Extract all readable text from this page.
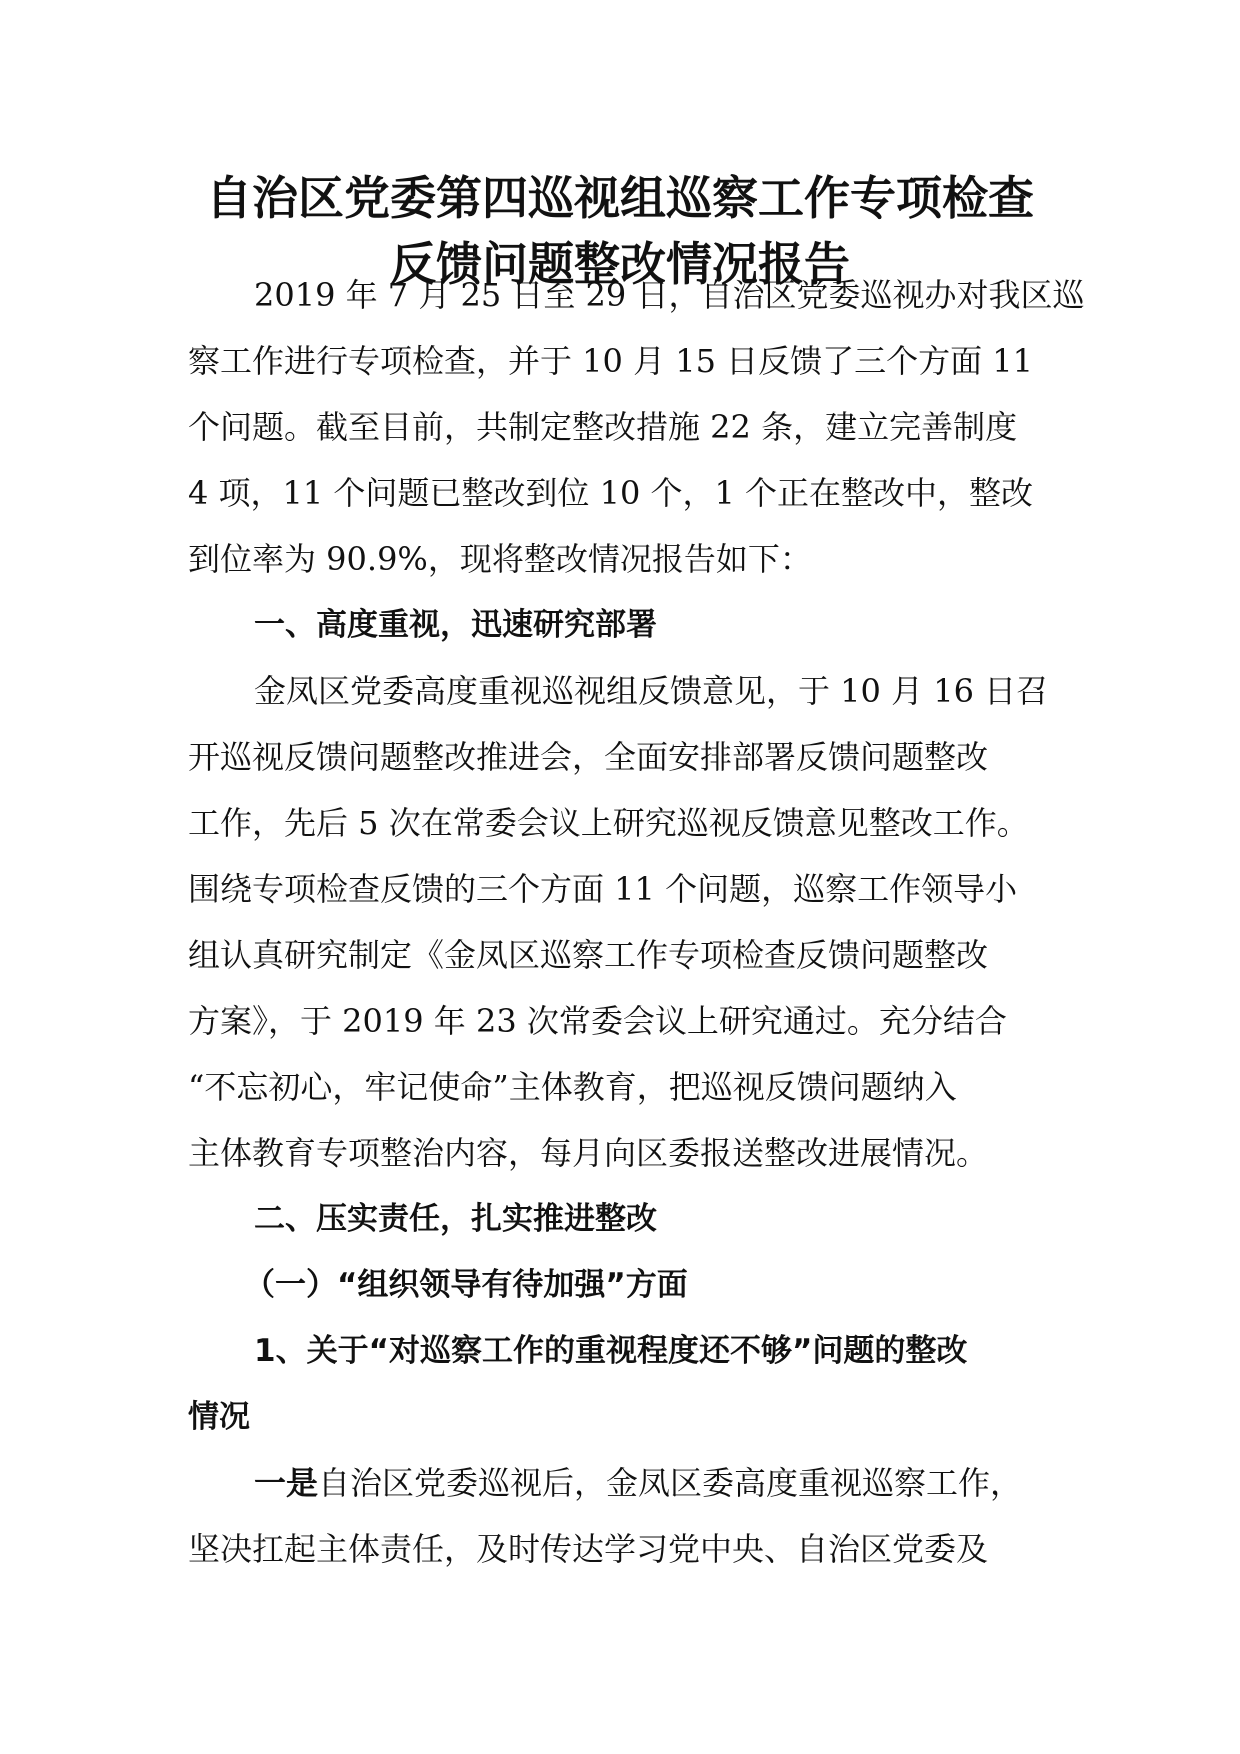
自治区党委第四巡视组巡察工作专项检查
反馈问题整改情况报告
2019 年 7 月 25 日至 29 日，自治区党委巡视办对我区巡
察工作进行专项检查，并于 10 月 15 日反馈了三个方面 11
个问题。截至目前，共制定整改措施 22 条，建立完善制度
4 项，11 个问题已整改到位 10 个，1 个正在整改中，整改
到位率为 90.9%，现将整改情况报告如下：
一、高度重视，迅速研究部署
金凤区党委高度重视巡视组反馈意见，于 10 月 16 日召
开巡视反馈问题整改推进会，全面安排部署反馈问题整改
工作，先后 5 次在常委会议上研究巡视反馈意见整改工作。
围绕专项检查反馈的三个方面 11 个问题，巡察工作领导小
组认真研究制定《金凤区巡察工作专项检查反馈问题整改
方案》，于 2019 年 23 次常委会议上研究通过。充分结合
“不忘初心，牢记使命”主体教育，把巡视反馈问题纳入
主体教育专项整治内容，每月向区委报送整改进展情况。
二、压实责任，扎实推进整改
（一）“组织领导有待加强”方面
1、关于“对巡察工作的重视程度还不够”问题的整改
情况
一是自治区党委巡视后，金凤区委高度重视巡察工作，
坚决扛起主体责任，及时传达学习党中央、自治区党委及
